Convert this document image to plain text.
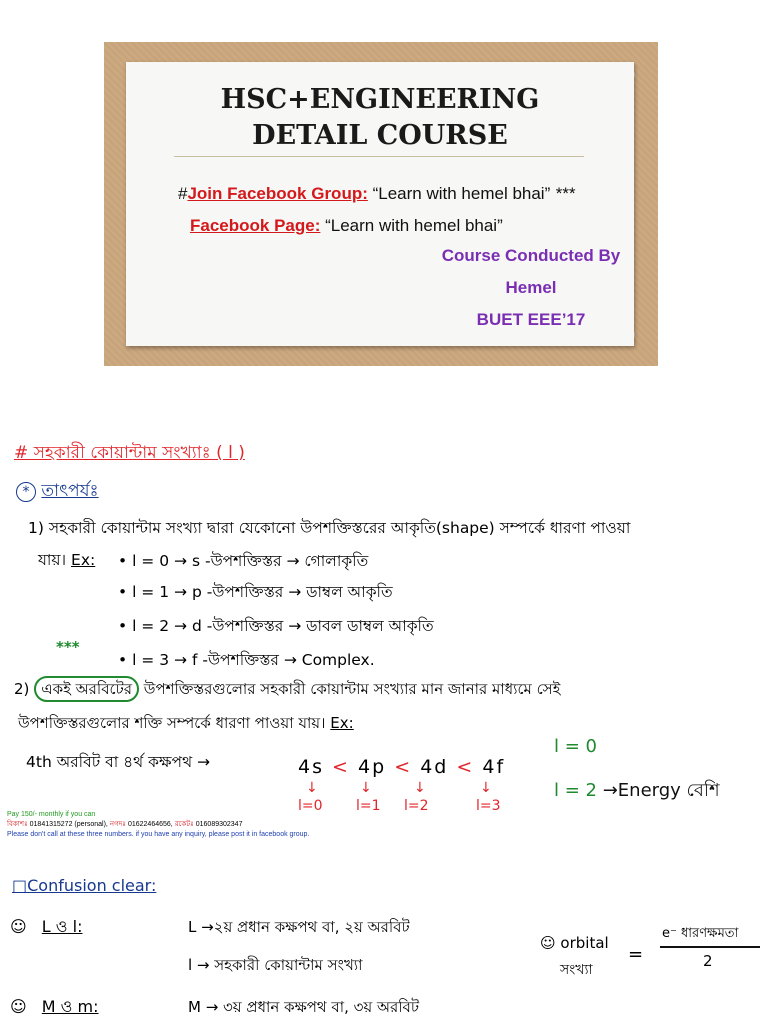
HSC+ENGINEERING
DETAIL COURSE
#Join Facebook Group: “Learn with hemel bhai” ***
Facebook Page: “Learn with hemel bhai”
Course Conducted By
Hemel
BUET EEE’17
# সহকারী কোয়ান্টাম সংখ্যাঃ ( l )
* তাৎপর্যঃ
1) সহকারী কোয়ান্টাম সংখ্যা দ্বারা যেকোনো উপশক্তিস্তরের আকৃতি(shape) সম্পর্কে ধারণা পাওয়া
যায়। Ex: • l = 0 → s -উপশক্তিস্তর → গোলাকৃতি
• l = 1 → p -উপশক্তিস্তর → ডাম্বল আকৃতি
• l = 2 → d -উপশক্তিস্তর → ডাবল ডাম্বল আকৃতি
***
• l = 3 → f -উপশক্তিস্তর → Complex.
2) একই অরবিটের উপশক্তিস্তরগুলোর সহকারী কোয়ান্টাম সংখ্যার মান জানার মাধ্যমে সেই
উপশক্তিস্তরগুলোর শক্তি সম্পর্কে ধারণা পাওয়া যায়। Ex:
4th অরবিট বা ৪র্থ কক্ষপথ →	4s < 4p < 4d < 4f
↓	↓	↓	↓
l=0 l=1 l=2	l=3
l = 0
l = 2 →Energy বেশি
Pay 150/- monthly if you can
বিকাশঃ 01841315272 (personal), নগদঃ 01622464656, রকেটঃ 016089302347
Please don't call at these three numbers. if you have any inquiry, please post it in facebook group.
□Confusion clear:
☺ L ও l:	L →২য় প্রধান কক্ষপথ বা, ২য় অরবিট
l → সহকারী কোয়ান্টাম সংখ্যা
☺ orbital
সংখ্যা
=
e⁻ ধারণক্ষমতা
2
☺ M ও m:	M → ৩য় প্রধান কক্ষপথ বা, ৩য় অরবিট
